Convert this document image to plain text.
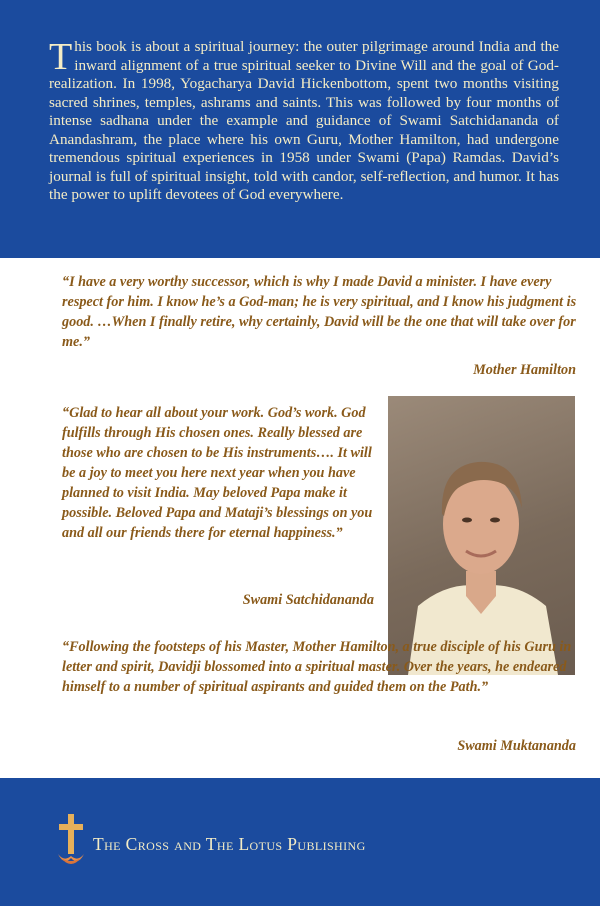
This book is about a spiritual journey: the outer pilgrimage around India and the inward alignment of a true spiritual seeker to Divine Will and the goal of God-realization. In 1998, Yogacharya David Hickenbottom, spent two months visiting sacred shrines, temples, ashrams and saints. This was followed by four months of intense sadhana under the example and guidance of Swami Satchidananda of Anandashram, the place where his own Guru, Mother Hamilton, had undergone tremendous spiritual experiences in 1958 under Swami (Papa) Ramdas. David’s journal is full of spiritual insight, told with candor, self-reflection, and humor. It has the power to uplift devotees of God everywhere.

“I have a very worthy successor, which is why I made David a minister. I have every respect for him. I know he’s a God-man; he is very spiritual, and I know his judgment is good. …When I finally retire, why certainly, David will be the one that will take over for me.”

Mother Hamilton

“Glad to hear all about your work. God’s work. God fulfills through His chosen ones. Really blessed are those who are chosen to be His instruments…. It will be a joy to meet you here next year when you have planned to visit India. May beloved Papa make it possible. Beloved Papa and Mataji’s blessings on you and all our friends there for eternal happiness.”

Swami Satchidananda

“Following the footsteps of his Master, Mother Hamilton, a true disciple of his Guru in letter and spirit, Davidji blossomed into a spiritual master. Over the years, he endeared himself to a number of spiritual aspirants and guided them on the Path.”

Swami Muktananda
The Cross and The Lotus Publishing
